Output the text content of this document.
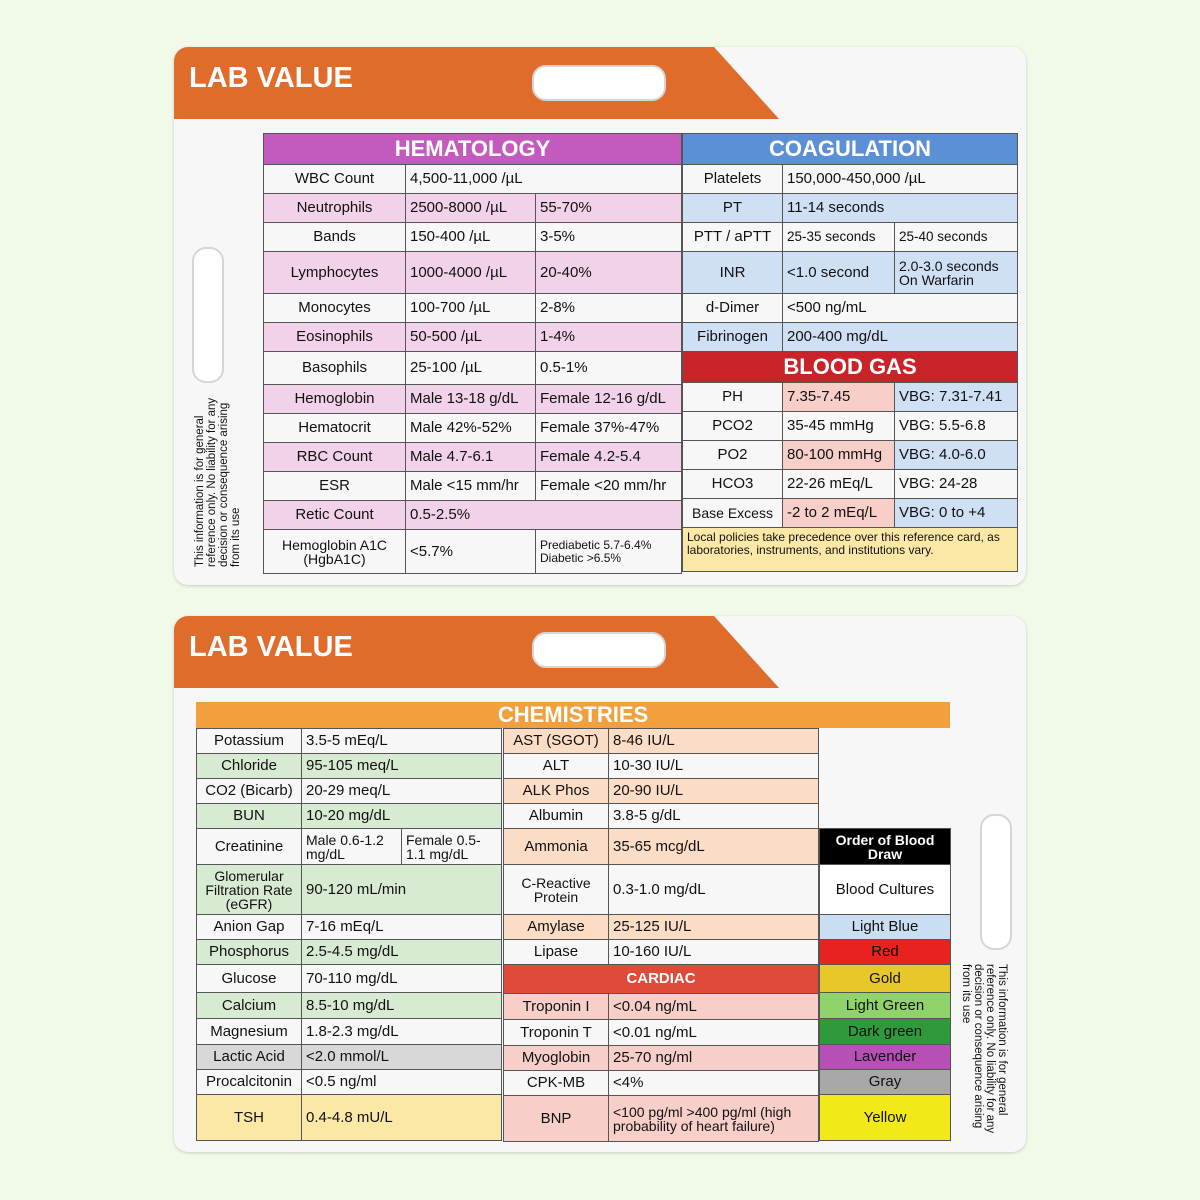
LAB VALUE
This information is for general reference only. No liability for any decision or consequence arising from its use
HEMATOLOGY		
WBC Count	4,500-11,000 /µL	
Neutrophils	2500-8000 /µL	55-70%
Bands	150-400 /µL	3-5%
Lymphocytes	1000-4000 /µL	20-40%
Monocytes	100-700 /µL	2-8%
Eosinophils	50-500 /µL	1-4%
Basophils	25-100 /µL	0.5-1%
Hemoglobin	Male 13-18 g/dL	Female 12-16 g/dL
Hematocrit	Male 42%-52%	Female 37%-47%
RBC Count	Male 4.7-6.1	Female 4.2-5.4
ESR	Male <15 mm/hr	Female <20 mm/hr
Retic Count	0.5-2.5%	
Hemoglobin A1C (HgbA1C)	<5.7%	Prediabetic 5.7-6.4% Diabetic >6.5%
COAGULATION		
Platelets	150,000-450,000 /µL	
PT	11-14 seconds	
PTT / aPTT	25-35 seconds	25-40 seconds
INR	<1.0 second	2.0-3.0 seconds On Warfarin
d-Dimer	<500 ng/mL	
Fibrinogen	200-400 mg/dL	
BLOOD GAS		
PH	7.35-7.45	VBG: 7.31-7.41
PCO2	35-45 mmHg	VBG: 5.5-6.8
PO2	80-100 mmHg	VBG: 4.0-6.0
HCO3	22-26 mEq/L	VBG: 24-28
Base Excess	-2 to 2 mEq/L	VBG: 0 to +4
Local policies take precedence over this reference card, as laboratories, instruments, and institutions vary.		
LAB VALUE
This information is for general reference only. No liability for any decision or consequence arising from its use
CHEMISTRIES
Potassium	3.5-5 mEq/L	
Chloride	95-105 meq/L	
CO2 (Bicarb)	20-29 meq/L	
BUN	10-20 mg/dL	
Creatinine	Male 0.6-1.2 mg/dL	Female 0.5-1.1 mg/dL
Glomerular Filtration Rate (eGFR)	90-120 mL/min	
Anion Gap	7-16 mEq/L	
Phosphorus	2.5-4.5 mg/dL	
Glucose	70-110 mg/dL	
Calcium	8.5-10 mg/dL	
Magnesium	1.8-2.3 mg/dL	
Lactic Acid	<2.0 mmol/L	
Procalcitonin	<0.5 ng/ml	
TSH	0.4-4.8 mU/L	
AST (SGOT)	8-46 IU/L
ALT	10-30 IU/L
ALK Phos	20-90 IU/L
Albumin	3.8-5 g/dL
Ammonia	35-65 mcg/dL
C-Reactive Protein	0.3-1.0 mg/dL
Amylase	25-125 IU/L
Lipase	10-160 IU/L
CARDIAC	
Troponin I	<0.04 ng/mL
Troponin T	<0.01 ng/mL
Myoglobin	25-70 ng/ml
CPK-MB	<4%
BNP	<100 pg/ml >400 pg/ml (high probability of heart failure)
Order of Blood Draw
Blood Cultures
Light Blue
Red
Gold
Light Green
Dark green
Lavender
Gray
Yellow
